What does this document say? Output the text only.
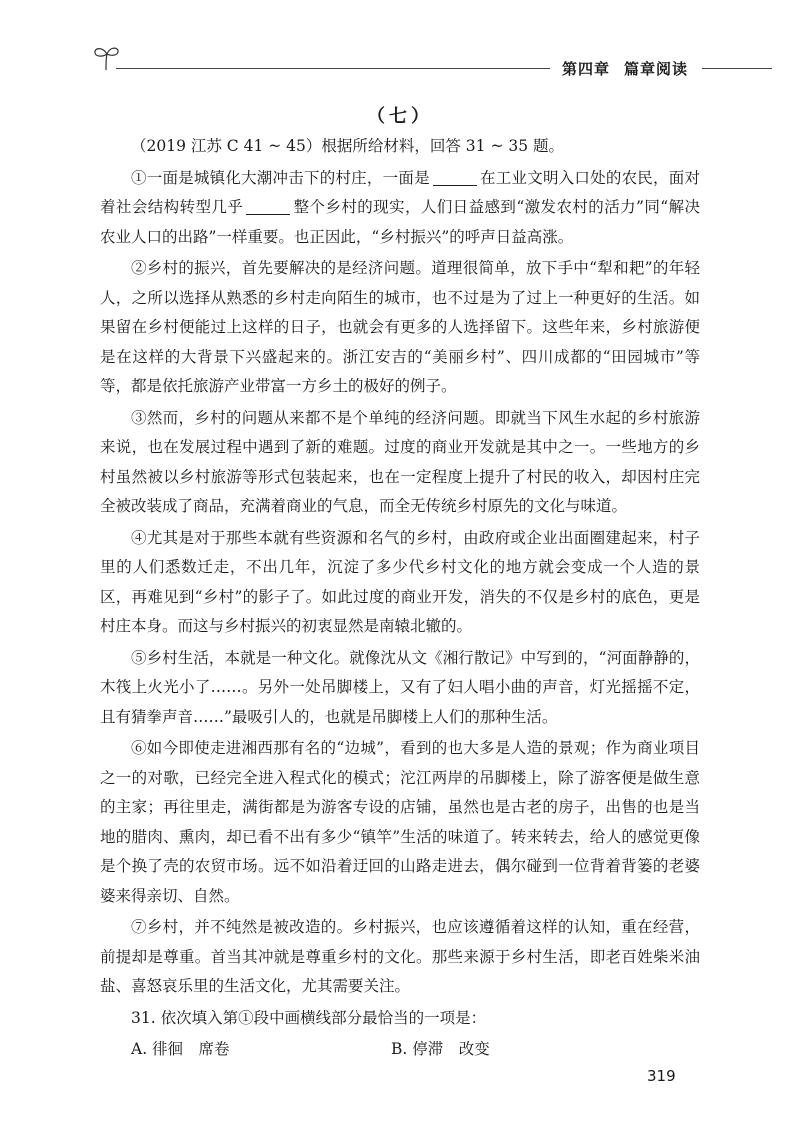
第四章 篇章阅读
（七）

（2019 江苏 C 41 ~ 45）根据所给材料，回答 31 ~ 35 题。

①一面是城镇化大潮冲击下的村庄，一面是	在工业文明入口处的农民，面对着社会结构转型几乎	整个乡村的现实，人们日益感到“激发农村的活力”同“解决农业人口的出路”一样重要。也正因此，“乡村振兴”的呼声日益高涨。

②乡村的振兴，首先要解决的是经济问题。道理很简单，放下手中“犁和耙”的年轻人，之所以选择从熟悉的乡村走向陌生的城市，也不过是为了过上一种更好的生活。如果留在乡村便能过上这样的日子，也就会有更多的人选择留下。这些年来，乡村旅游便是在这样的大背景下兴盛起来的。浙江安吉的“美丽乡村”、四川成都的“田园城市”等等，都是依托旅游产业带富一方乡土的极好的例子。

③然而，乡村的问题从来都不是个单纯的经济问题。即就当下风生水起的乡村旅游来说，也在发展过程中遇到了新的难题。过度的商业开发就是其中之一。一些地方的乡村虽然被以乡村旅游等形式包装起来，也在一定程度上提升了村民的收入，却因村庄完全被改装成了商品，充满着商业的气息，而全无传统乡村原先的文化与味道。

④尤其是对于那些本就有些资源和名气的乡村，由政府或企业出面圈建起来，村子里的人们悉数迁走，不出几年，沉淀了多少代乡村文化的地方就会变成一个人造的景区，再难见到“乡村”的影子了。如此过度的商业开发，消失的不仅是乡村的底色，更是村庄本身。而这与乡村振兴的初衷显然是南辕北辙的。

⑤乡村生活，本就是一种文化。就像沈从文《湘行散记》中写到的，“河面静静的，木筏上火光小了……。另外一处吊脚楼上，又有了妇人唱小曲的声音，灯光摇摇不定，且有猜拳声音……”最吸引人的，也就是吊脚楼上人们的那种生活。

⑥如今即使走进湘西那有名的“边城”，看到的也大多是人造的景观；作为商业项目之一的对歌，已经完全进入程式化的模式；沱江两岸的吊脚楼上，除了游客便是做生意的主家；再往里走，满街都是为游客专设的店铺，虽然也是古老的房子，出售的也是当地的腊肉、熏肉，却已看不出有多少“镇竿”生活的味道了。转来转去，给人的感觉更像是个换了壳的农贸市场。远不如沿着迂回的山路走进去，偶尔碰到一位背着背篓的老婆婆来得亲切、自然。

⑦乡村，并不纯然是被改造的。乡村振兴，也应该遵循着这样的认知，重在经营，前提却是尊重。首当其冲就是尊重乡村的文化。那些来源于乡村生活，即老百姓柴米油盐、喜怒哀乐里的生活文化，尤其需要关注。

31. 依次填入第①段中画横线部分最恰当的一项是：

A. 徘徊　席卷	B. 停滞　改变
319
